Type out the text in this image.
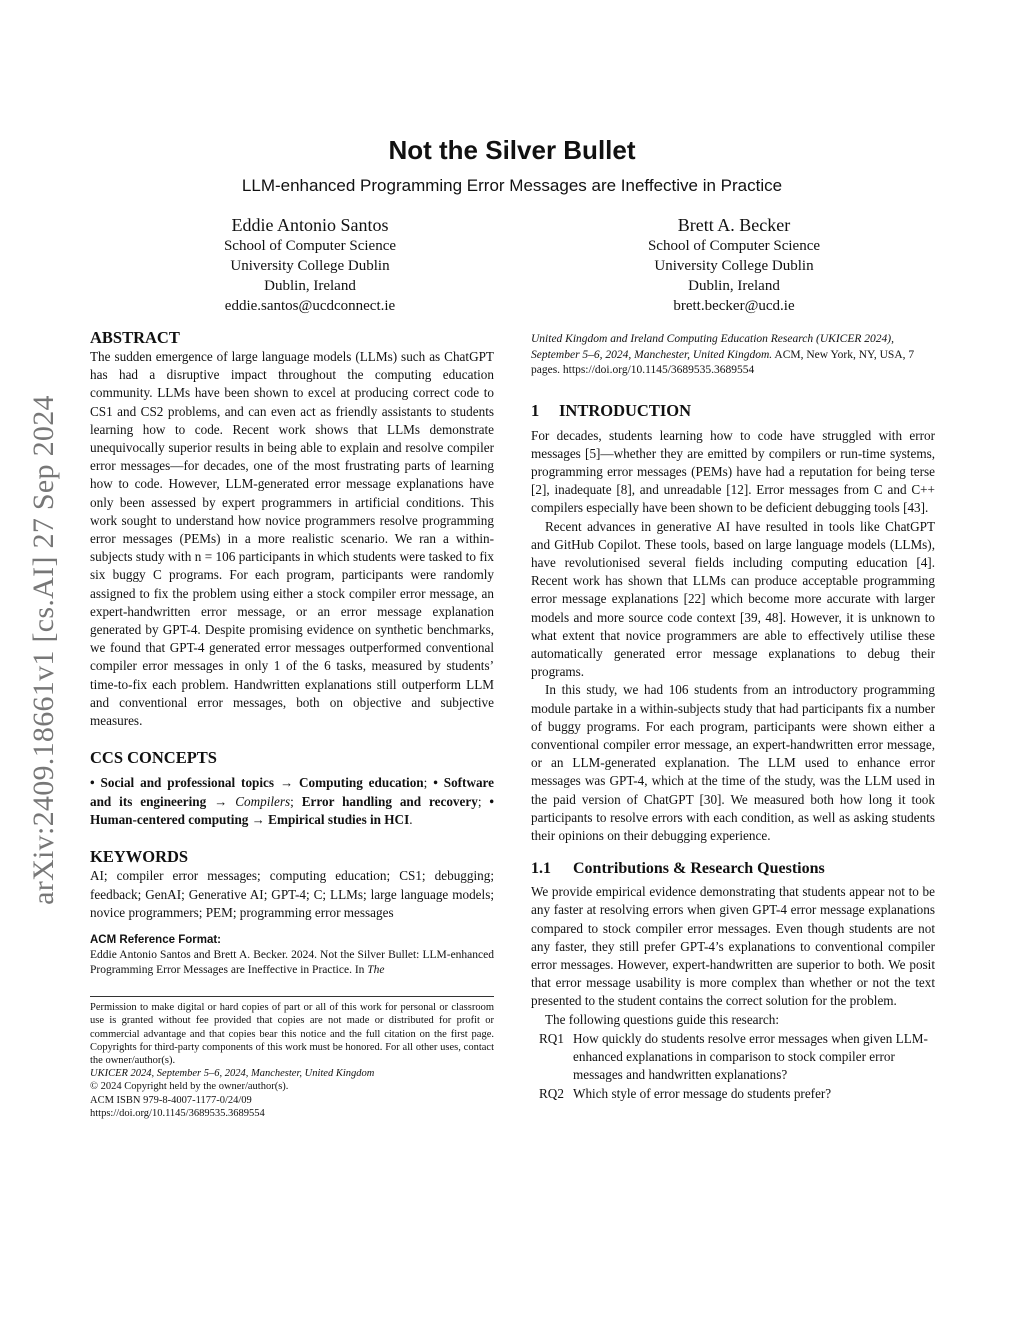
arXiv:2409.18661v1 [cs.AI] 27 Sep 2024
Not the Silver Bullet
LLM-enhanced Programming Error Messages are Ineffective in Practice
Eddie Antonio Santos
School of Computer Science
University College Dublin
Dublin, Ireland
eddie.santos@ucdconnect.ie
Brett A. Becker
School of Computer Science
University College Dublin
Dublin, Ireland
brett.becker@ucd.ie
ABSTRACT

The sudden emergence of large language models (LLMs) such as ChatGPT has had a disruptive impact throughout the computing education community. LLMs have been shown to excel at producing correct code to CS1 and CS2 problems, and can even act as friendly assistants to students learning how to code. Recent work shows that LLMs demonstrate unequivocally superior results in being able to explain and resolve compiler error messages—for decades, one of the most frustrating parts of learning how to code. However, LLM-generated error message explanations have only been assessed by expert programmers in artificial conditions. This work sought to understand how novice programmers resolve programming error messages (PEMs) in a more realistic scenario. We ran a within-subjects study with n = 106 participants in which students were tasked to fix six buggy C programs. For each program, participants were randomly assigned to fix the problem using either a stock compiler error message, an expert-handwritten error message, or an error message explanation generated by GPT-4. Despite promising evidence on synthetic benchmarks, we found that GPT-4 generated error messages outperformed conventional compiler error messages in only 1 of the 6 tasks, measured by students’ time-to-fix each problem. Handwritten explanations still outperform LLM and conventional error messages, both on objective and subjective measures.

CCS CONCEPTS
• Social and professional topics → Computing education; • Software and its engineering → Compilers; Error handling and recovery; • Human-centered computing → Empirical studies in HCI.
KEYWORDS

AI; compiler error messages; computing education; CS1; debugging; feedback; GenAI; Generative AI; GPT-4; C; LLMs; large language models; novice programmers; PEM; programming error messages

ACM Reference Format:
Eddie Antonio Santos and Brett A. Becker. 2024. Not the Silver Bullet: LLM-enhanced Programming Error Messages are Ineffective in Practice. In The
Permission to make digital or hard copies of part or all of this work for personal or classroom use is granted without fee provided that copies are not made or distributed for profit or commercial advantage and that copies bear this notice and the full citation on the first page. Copyrights for third-party components of this work must be honored. For all other uses, contact the owner/author(s).
UKICER 2024, September 5–6, 2024, Manchester, United Kingdom
© 2024 Copyright held by the owner/author(s).
ACM ISBN 979-8-4007-1177-0/24/09
https://doi.org/10.1145/3689535.3689554
United Kingdom and Ireland Computing Education Research (UKICER 2024), September 5–6, 2024, Manchester, United Kingdom. ACM, New York, NY, USA, 7 pages. https://doi.org/10.1145/3689535.3689554
1 INTRODUCTION

For decades, students learning how to code have struggled with error messages [5]—whether they are emitted by compilers or run-time systems, programming error messages (PEMs) have had a reputation for being terse [2], inadequate [8], and unreadable [12]. Error messages from C and C++ compilers especially have been shown to be deficient debugging tools [43].

Recent advances in generative AI have resulted in tools like ChatGPT and GitHub Copilot. These tools, based on large language models (LLMs), have revolutionised several fields including computing education [4]. Recent work has shown that LLMs can produce acceptable programming error message explanations [22] which become more accurate with larger models and more source code context [39, 48]. However, it is unknown to what extent that novice programmers are able to effectively utilise these automatically generated error message explanations to debug their programs.

In this study, we had 106 students from an introductory programming module partake in a within-subjects study that had participants fix a number of buggy programs. For each program, participants were shown either a conventional compiler error message, an expert-handwritten error message, or an LLM-generated explanation. The LLM used to enhance error messages was GPT-4, which at the time of the study, was the LLM used in the paid version of ChatGPT [30]. We measured both how long it took participants to resolve errors with each condition, as well as asking students their opinions on their debugging experience.

1.1 Contributions & Research Questions

We provide empirical evidence demonstrating that students appear not to be any faster at resolving errors when given GPT-4 error message explanations compared to stock compiler error messages. Even though students are not any faster, they still prefer GPT-4’s explanations to conventional compiler error messages. However, expert-handwritten are superior to both. We posit that error message usability is more complex than whether or not the text presented to the student contains the correct solution for the problem.

The following questions guide this research:

RQ1 How quickly do students resolve error messages when given LLM-enhanced explanations in comparison to stock compiler error messages and handwritten explanations?
RQ2 Which style of error message do students prefer?
